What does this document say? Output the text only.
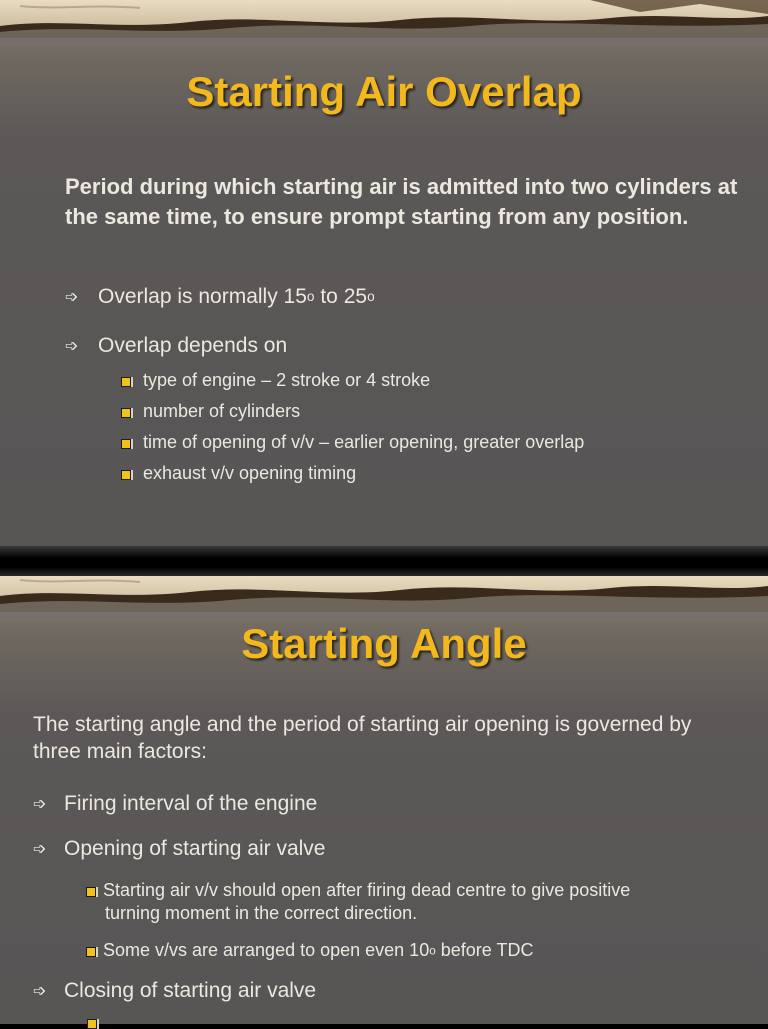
Starting Air Overlap
Period during which starting air is admitted into two cylinders at the same time, to ensure prompt starting from any position.
➩ Overlap is normally 15o to 25o
➩ Overlap depends on
type of engine – 2 stroke or 4 stroke
number of cylinders
time of opening of v/v – earlier opening, greater overlap
exhaust v/v opening timing
Starting Angle
The starting angle and the period of starting air opening is governed by three main factors:
➩ Firing interval of the engine
➩ Opening of starting air valve
Starting air v/v should open after firing dead centre to give positive
turning moment in the correct direction.
Some v/vs are arranged to open even 10o before TDC
➩ Closing of starting air valve
